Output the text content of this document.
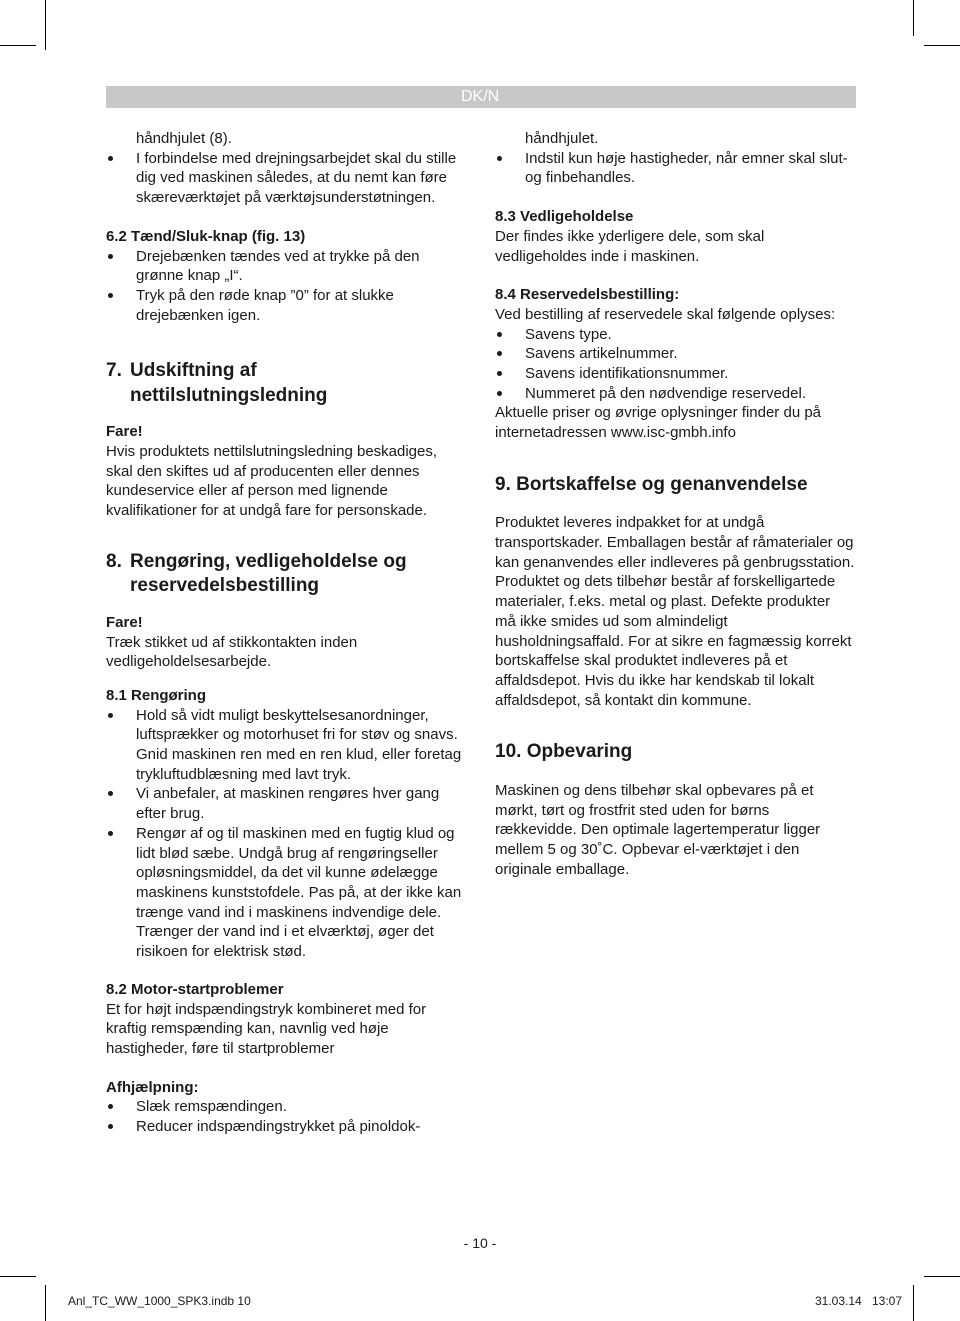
DK/N

håndhjulet (8).

I forbindelse med drejningsarbejdet skal du stille dig ved maskinen således, at du nemt kan føre skæreværktøjet på værktøjsunderstøtningen.

6.2 Tænd/Sluk-knap (fig. 13)

Drejebænken tændes ved at trykke på den grønne knap „I“.
Tryk på den røde knap ”0” for at slukke drejebænken igen.
7. Udskiftning af nettilslutningsledning

Fare!

Hvis produktets nettilslutningsledning beskadiges, skal den skiftes ud af producenten eller dennes kundeservice eller af person med lignende kvalifikationer for at undgå fare for personskade.

8. Rengøring, vedligeholdelse og reservedelsbestilling

Fare!

Træk stikket ud af stikkontakten inden vedligeholdelsesarbejde.

8.1 Rengøring

Hold så vidt muligt beskyttelsesanordninger, luftsprækker og motorhuset fri for støv og snavs. Gnid maskinen ren med en ren klud, eller foretag trykluftudblæsning med lavt tryk.
Vi anbefaler, at maskinen rengøres hver gang efter brug.
Rengør af og til maskinen med en fugtig klud og lidt blød sæbe. Undgå brug af rengøringseller opløsningsmiddel, da det vil kunne ødelægge maskinens kunststofdele. Pas på, at der ikke kan trænge vand ind i maskinens indvendige dele. Trænger der vand ind i et elværktøj, øger det risikoen for elektrisk stød.

8.2 Motor-startproblemer

Et for højt indspændingstryk kombineret med for kraftig remspænding kan, navnlig ved høje hastigheder, føre til startproblemer

Afhjælpning:

Slæk remspændingen.
Reducer indspændingstrykket på pinoldok-

håndhjulet.

Indstil kun høje hastigheder, når emner skal slut- og finbehandles.

8.3 Vedligeholdelse

Der findes ikke yderligere dele, som skal vedligeholdes inde i maskinen.

8.4 Reservedelsbestilling:

Ved bestilling af reservedele skal følgende oplyses:

Savens type.
Savens artikelnummer.
Savens identifikationsnummer.
Nummeret på den nødvendige reservedel.

Aktuelle priser og øvrige oplysninger finder du på internetadressen www.isc-gmbh.info

9. Bortskaffelse og genanvendelse

Produktet leveres indpakket for at undgå transportskader. Emballagen består af råmaterialer og kan genanvendes eller indleveres på genbrugsstation. Produktet og dets tilbehør består af forskelligartede materialer, f.eks. metal og plast. Defekte produkter må ikke smides ud som almindeligt husholdningsaffald. For at sikre en fagmæssig korrekt bortskaffelse skal produktet indleveres på et affaldsdepot. Hvis du ikke har kendskab til lokalt affaldsdepot, så kontakt din kommune.

10. Opbevaring

Maskinen og dens tilbehør skal opbevares på et mørkt, tørt og frostfrit sted uden for børns rækkevidde. Den optimale lagertemperatur ligger mellem 5 og 30˚C. Opbevar el-værktøjet i den originale emballage.

- 10 -
Anl_TC_WW_1000_SPK3.indb 10	31.03.14 13:07
